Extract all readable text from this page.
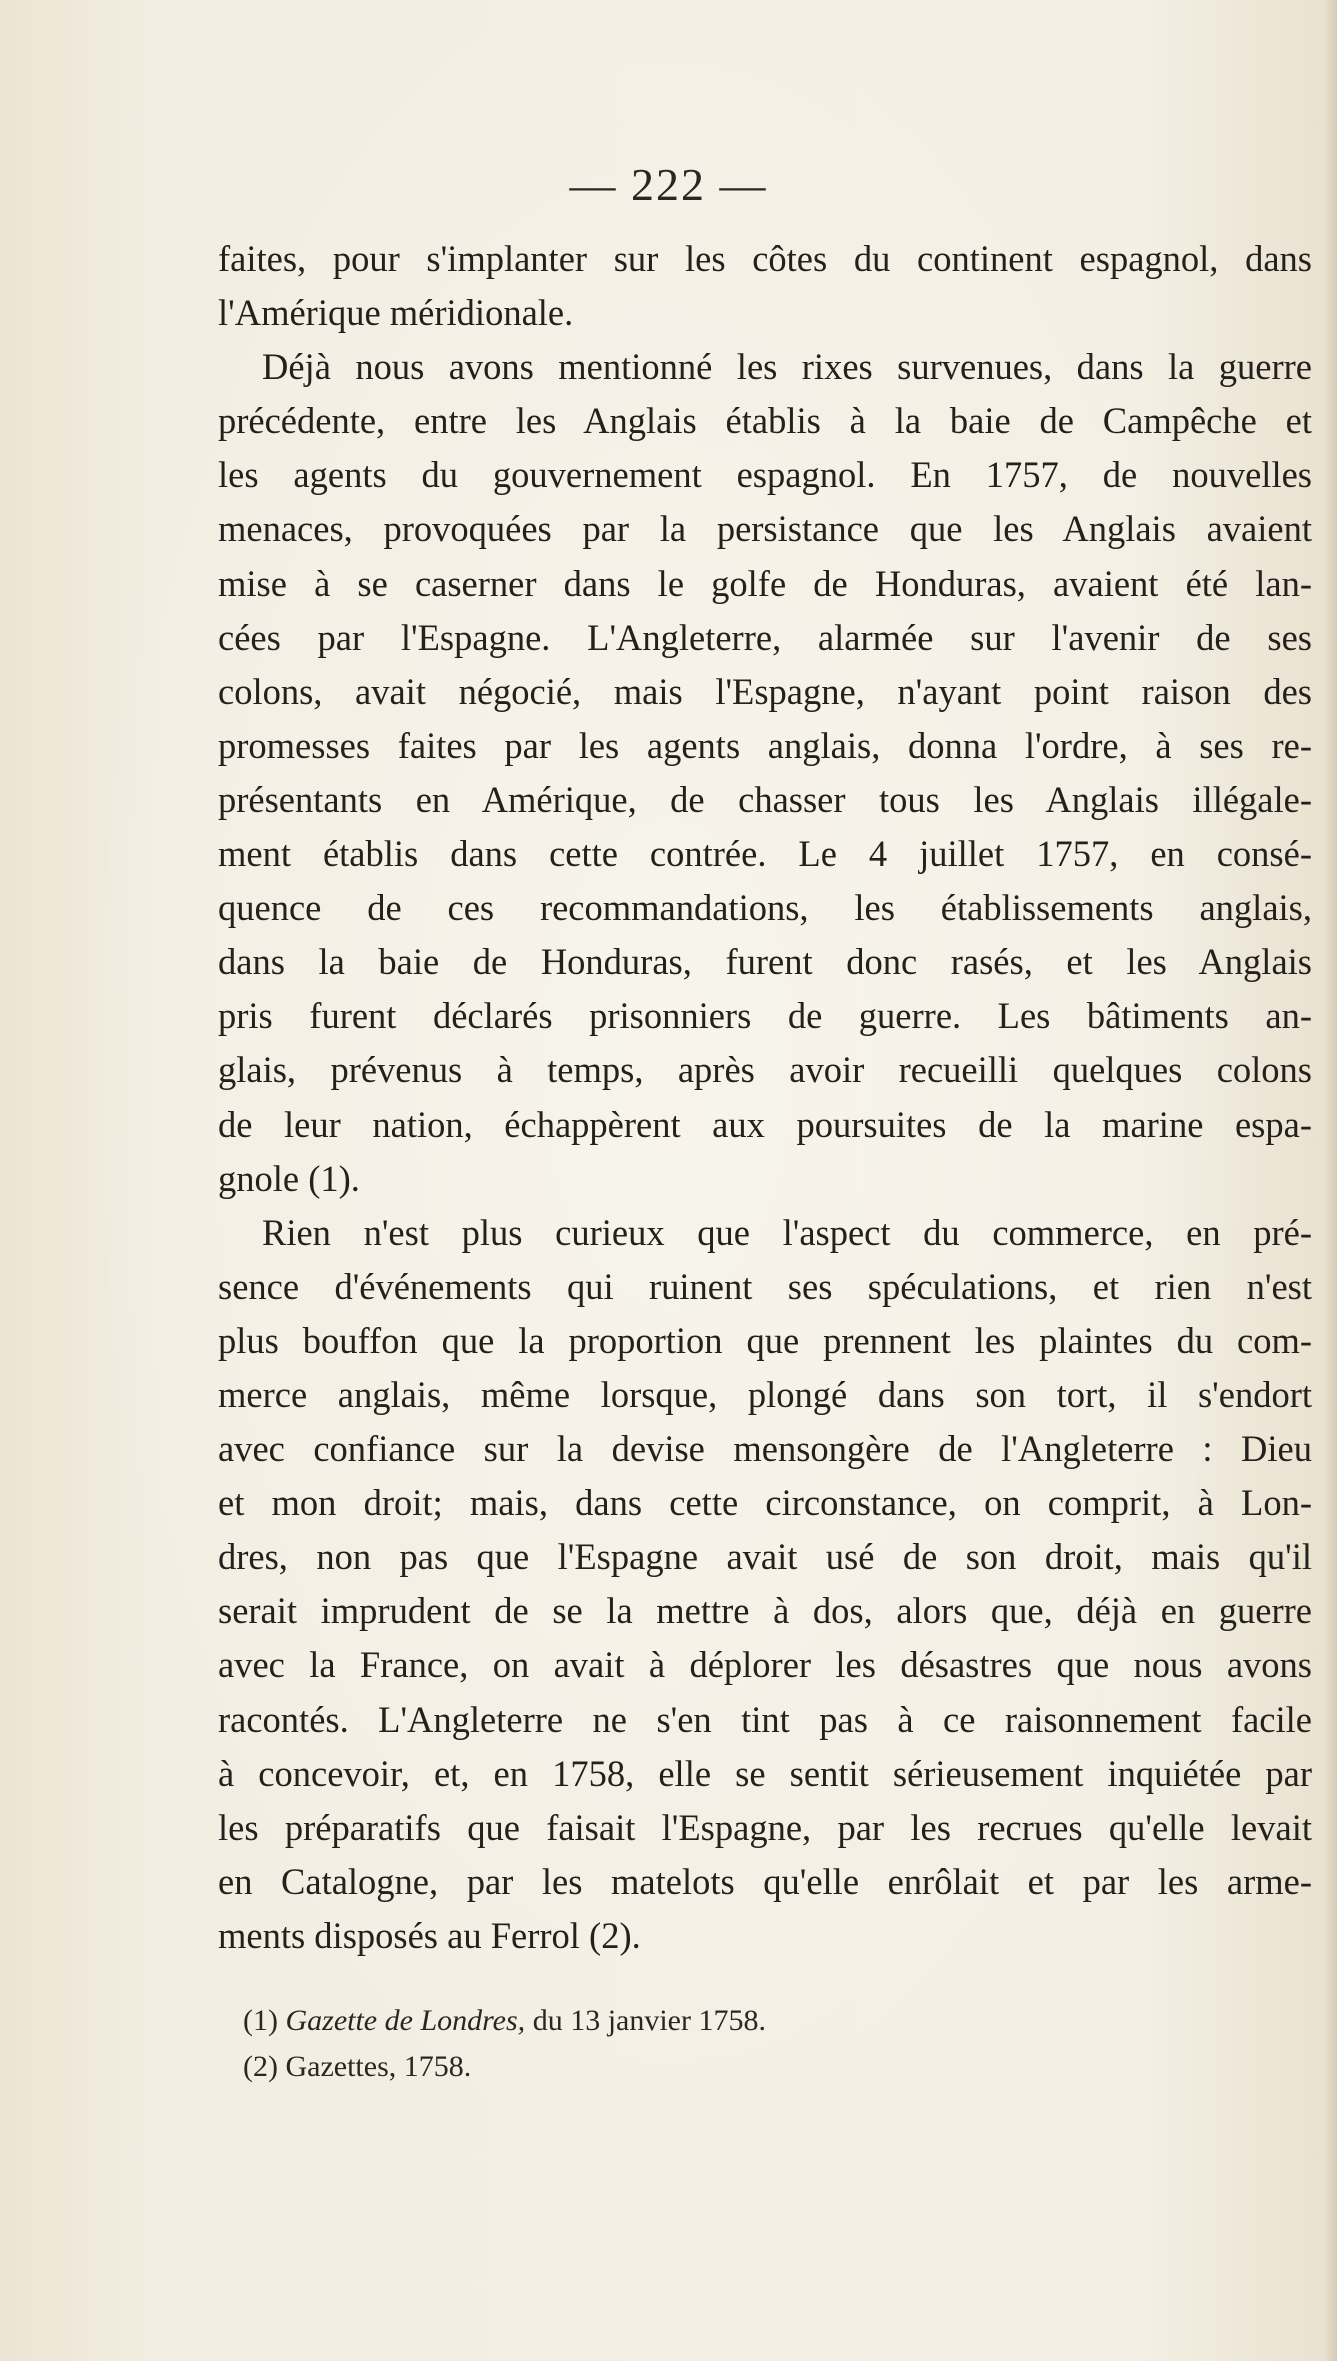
— 222 —
faites, pour s'implanter sur les côtes du continent espagnol, dans
l'Amérique méridionale.
Déjà nous avons mentionné les rixes survenues, dans la guerre
précédente, entre les Anglais établis à la baie de Campêche et
les agents du gouvernement espagnol. En 1757, de nouvelles
menaces, provoquées par la persistance que les Anglais avaient
mise à se caserner dans le golfe de Honduras, avaient été lan-
cées par l'Espagne. L'Angleterre, alarmée sur l'avenir de ses
colons, avait négocié, mais l'Espagne, n'ayant point raison des
promesses faites par les agents anglais, donna l'ordre, à ses re-
présentants en Amérique, de chasser tous les Anglais illégale-
ment établis dans cette contrée. Le 4 juillet 1757, en consé-
quence de ces recommandations, les établissements anglais,
dans la baie de Honduras, furent donc rasés, et les Anglais
pris furent déclarés prisonniers de guerre. Les bâtiments an-
glais, prévenus à temps, après avoir recueilli quelques colons
de leur nation, échappèrent aux poursuites de la marine espa-
gnole (1).
Rien n'est plus curieux que l'aspect du commerce, en pré-
sence d'événements qui ruinent ses spéculations, et rien n'est
plus bouffon que la proportion que prennent les plaintes du com-
merce anglais, même lorsque, plongé dans son tort, il s'endort
avec confiance sur la devise mensongère de l'Angleterre : Dieu
et mon droit; mais, dans cette circonstance, on comprit, à Lon-
dres, non pas que l'Espagne avait usé de son droit, mais qu'il
serait imprudent de se la mettre à dos, alors que, déjà en guerre
avec la France, on avait à déplorer les désastres que nous avons
racontés. L'Angleterre ne s'en tint pas à ce raisonnement facile
à concevoir, et, en 1758, elle se sentit sérieusement inquiétée par
les préparatifs que faisait l'Espagne, par les recrues qu'elle levait
en Catalogne, par les matelots qu'elle enrôlait et par les arme-
ments disposés au Ferrol (2).
(1) Gazette de Londres, du 13 janvier 1758.
(2) Gazettes, 1758.
